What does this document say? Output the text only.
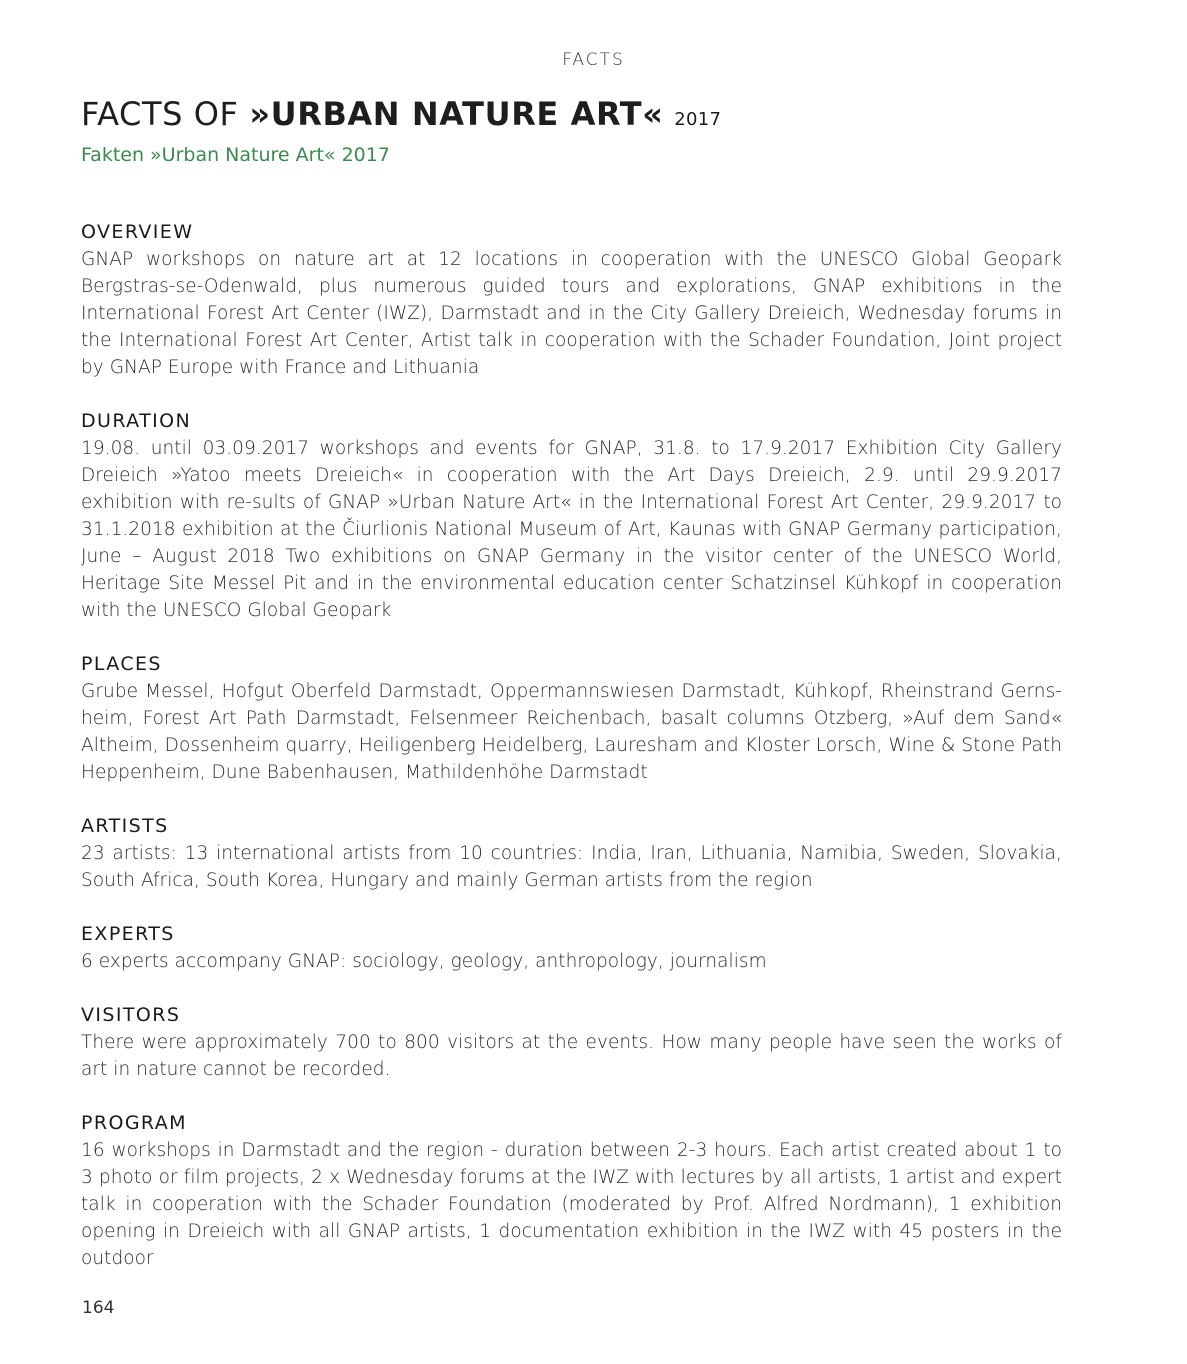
FACTS
FACTS OF »URBAN NATURE ART« 2017
Fakten »Urban Nature Art« 2017
OVERVIEW

GNAP workshops on nature art at 12 locations in cooperation with the UNESCO Global Geopark Bergstras-se-Odenwald, plus numerous guided tours and explorations, GNAP exhibitions in the International Forest Art Center (IWZ), Darmstadt and in the City Gallery Dreieich, Wednesday forums in the International Forest Art Center, Artist talk in cooperation with the Schader Foundation, Joint project by GNAP Europe with France and Lithuania

DURATION

19.08. until 03.09.2017 workshops and events for GNAP, 31.8. to 17.9.2017 Exhibition City Gallery Dreieich »Yatoo meets Dreieich« in cooperation with the Art Days Dreieich, 2.9. until 29.9.2017 exhibition with re-sults of GNAP »Urban Nature Art« in the International Forest Art Center, 29.9.2017 to 31.1.2018 exhibition at the Čiurlionis National Museum of Art, Kaunas with GNAP Germany participation, June – August 2018 Two exhibitions on GNAP Germany in the visitor center of the UNESCO World, Heritage Site Messel Pit and in the environmental education center Schatzinsel Kühkopf in cooperation with the UNESCO Global Geopark

PLACES

Grube Messel, Hofgut Oberfeld Darmstadt, Oppermannswiesen Darmstadt, Kühkopf, Rheinstrand Gerns-heim, Forest Art Path Darmstadt, Felsenmeer Reichenbach, basalt columns Otzberg, »Auf dem Sand« Altheim, Dossenheim quarry, Heiligenberg Heidelberg, Lauresham and Kloster Lorsch, Wine & Stone Path Heppenheim, Dune Babenhausen, Mathildenhöhe Darmstadt

ARTISTS

23 artists: 13 international artists from 10 countries: India, Iran, Lithuania, Namibia, Sweden, Slovakia, South Africa, South Korea, Hungary and mainly German artists from the region

EXPERTS

6 experts accompany GNAP: sociology, geology, anthropology, journalism

VISITORS

There were approximately 700 to 800 visitors at the events. How many people have seen the works of art in nature cannot be recorded.

PROGRAM

16 workshops in Darmstadt and the region - duration between 2-3 hours. Each artist created about 1 to 3 photo or film projects, 2 x Wednesday forums at the IWZ with lectures by all artists, 1 artist and expert talk in cooperation with the Schader Foundation (moderated by Prof. Alfred Nordmann), 1 exhibition opening in Dreieich with all GNAP artists, 1 documentation exhibition in the IWZ with 45 posters in the outdoor

164
